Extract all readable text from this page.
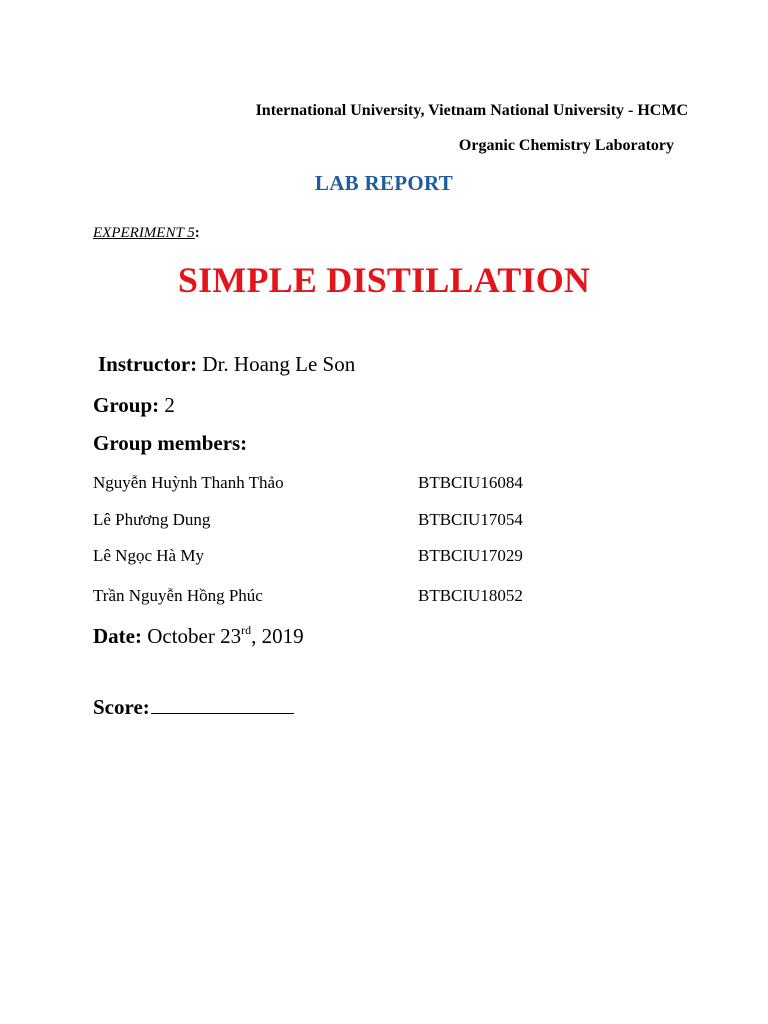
International University, Vietnam National University - HCMC
Organic Chemistry Laboratory
LAB REPORT
EXPERIMENT 5:
SIMPLE DISTILLATION
Instructor: Dr. Hoang Le Son
Group: 2
Group members:
Nguyễn Huỳnh Thanh Thảo	BTBCIU16084
Lê Phương Dung	BTBCIU17054
Lê Ngọc Hà My	BTBCIU17029
Trần Nguyễn Hồng Phúc	BTBCIU18052
Date: October 23rd, 2019
Score:
